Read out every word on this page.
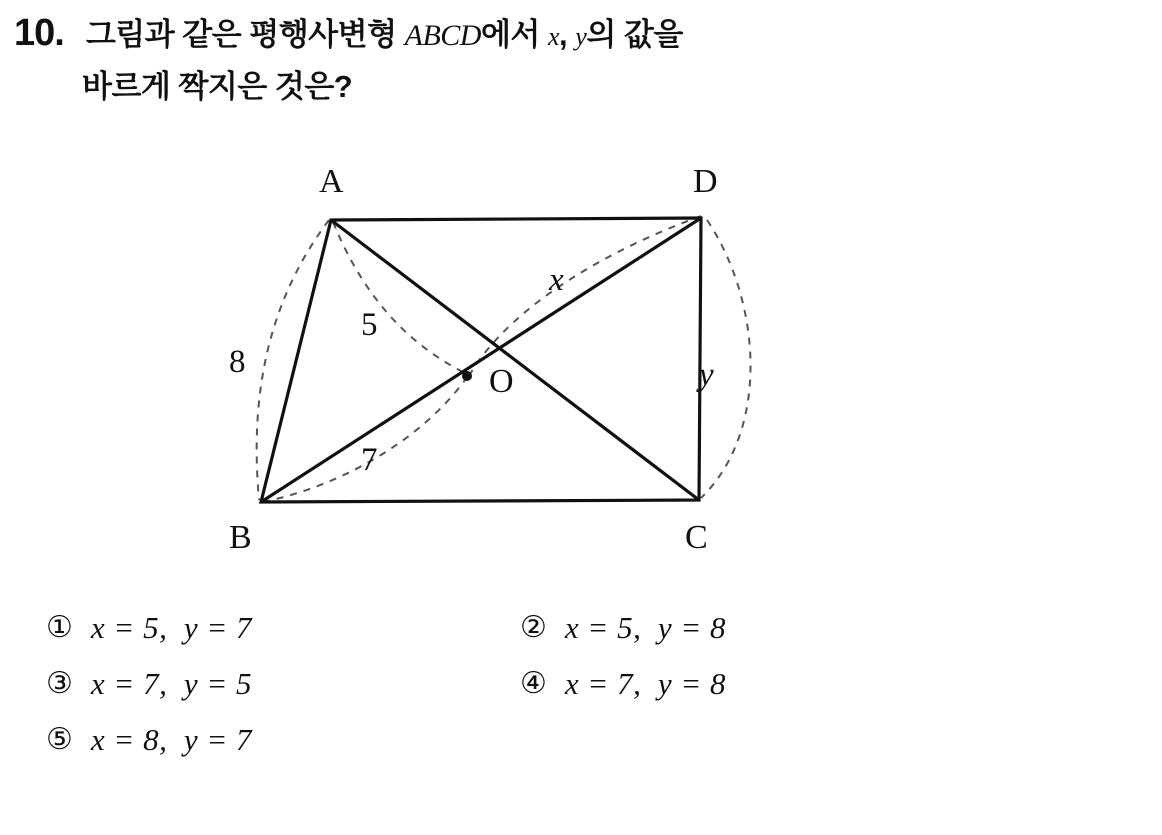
10. 그림과 같은 평행사변형 ABCD에서 x, y의 값을
바르게 짝지은 것은?
A
B	C
D
O
8
5
7
x
y
① x = 5,  y = 7	② x = 5,  y = 8
③ x = 7,  y = 5	④ x = 7,  y = 8
⑤ x = 8,  y = 7
